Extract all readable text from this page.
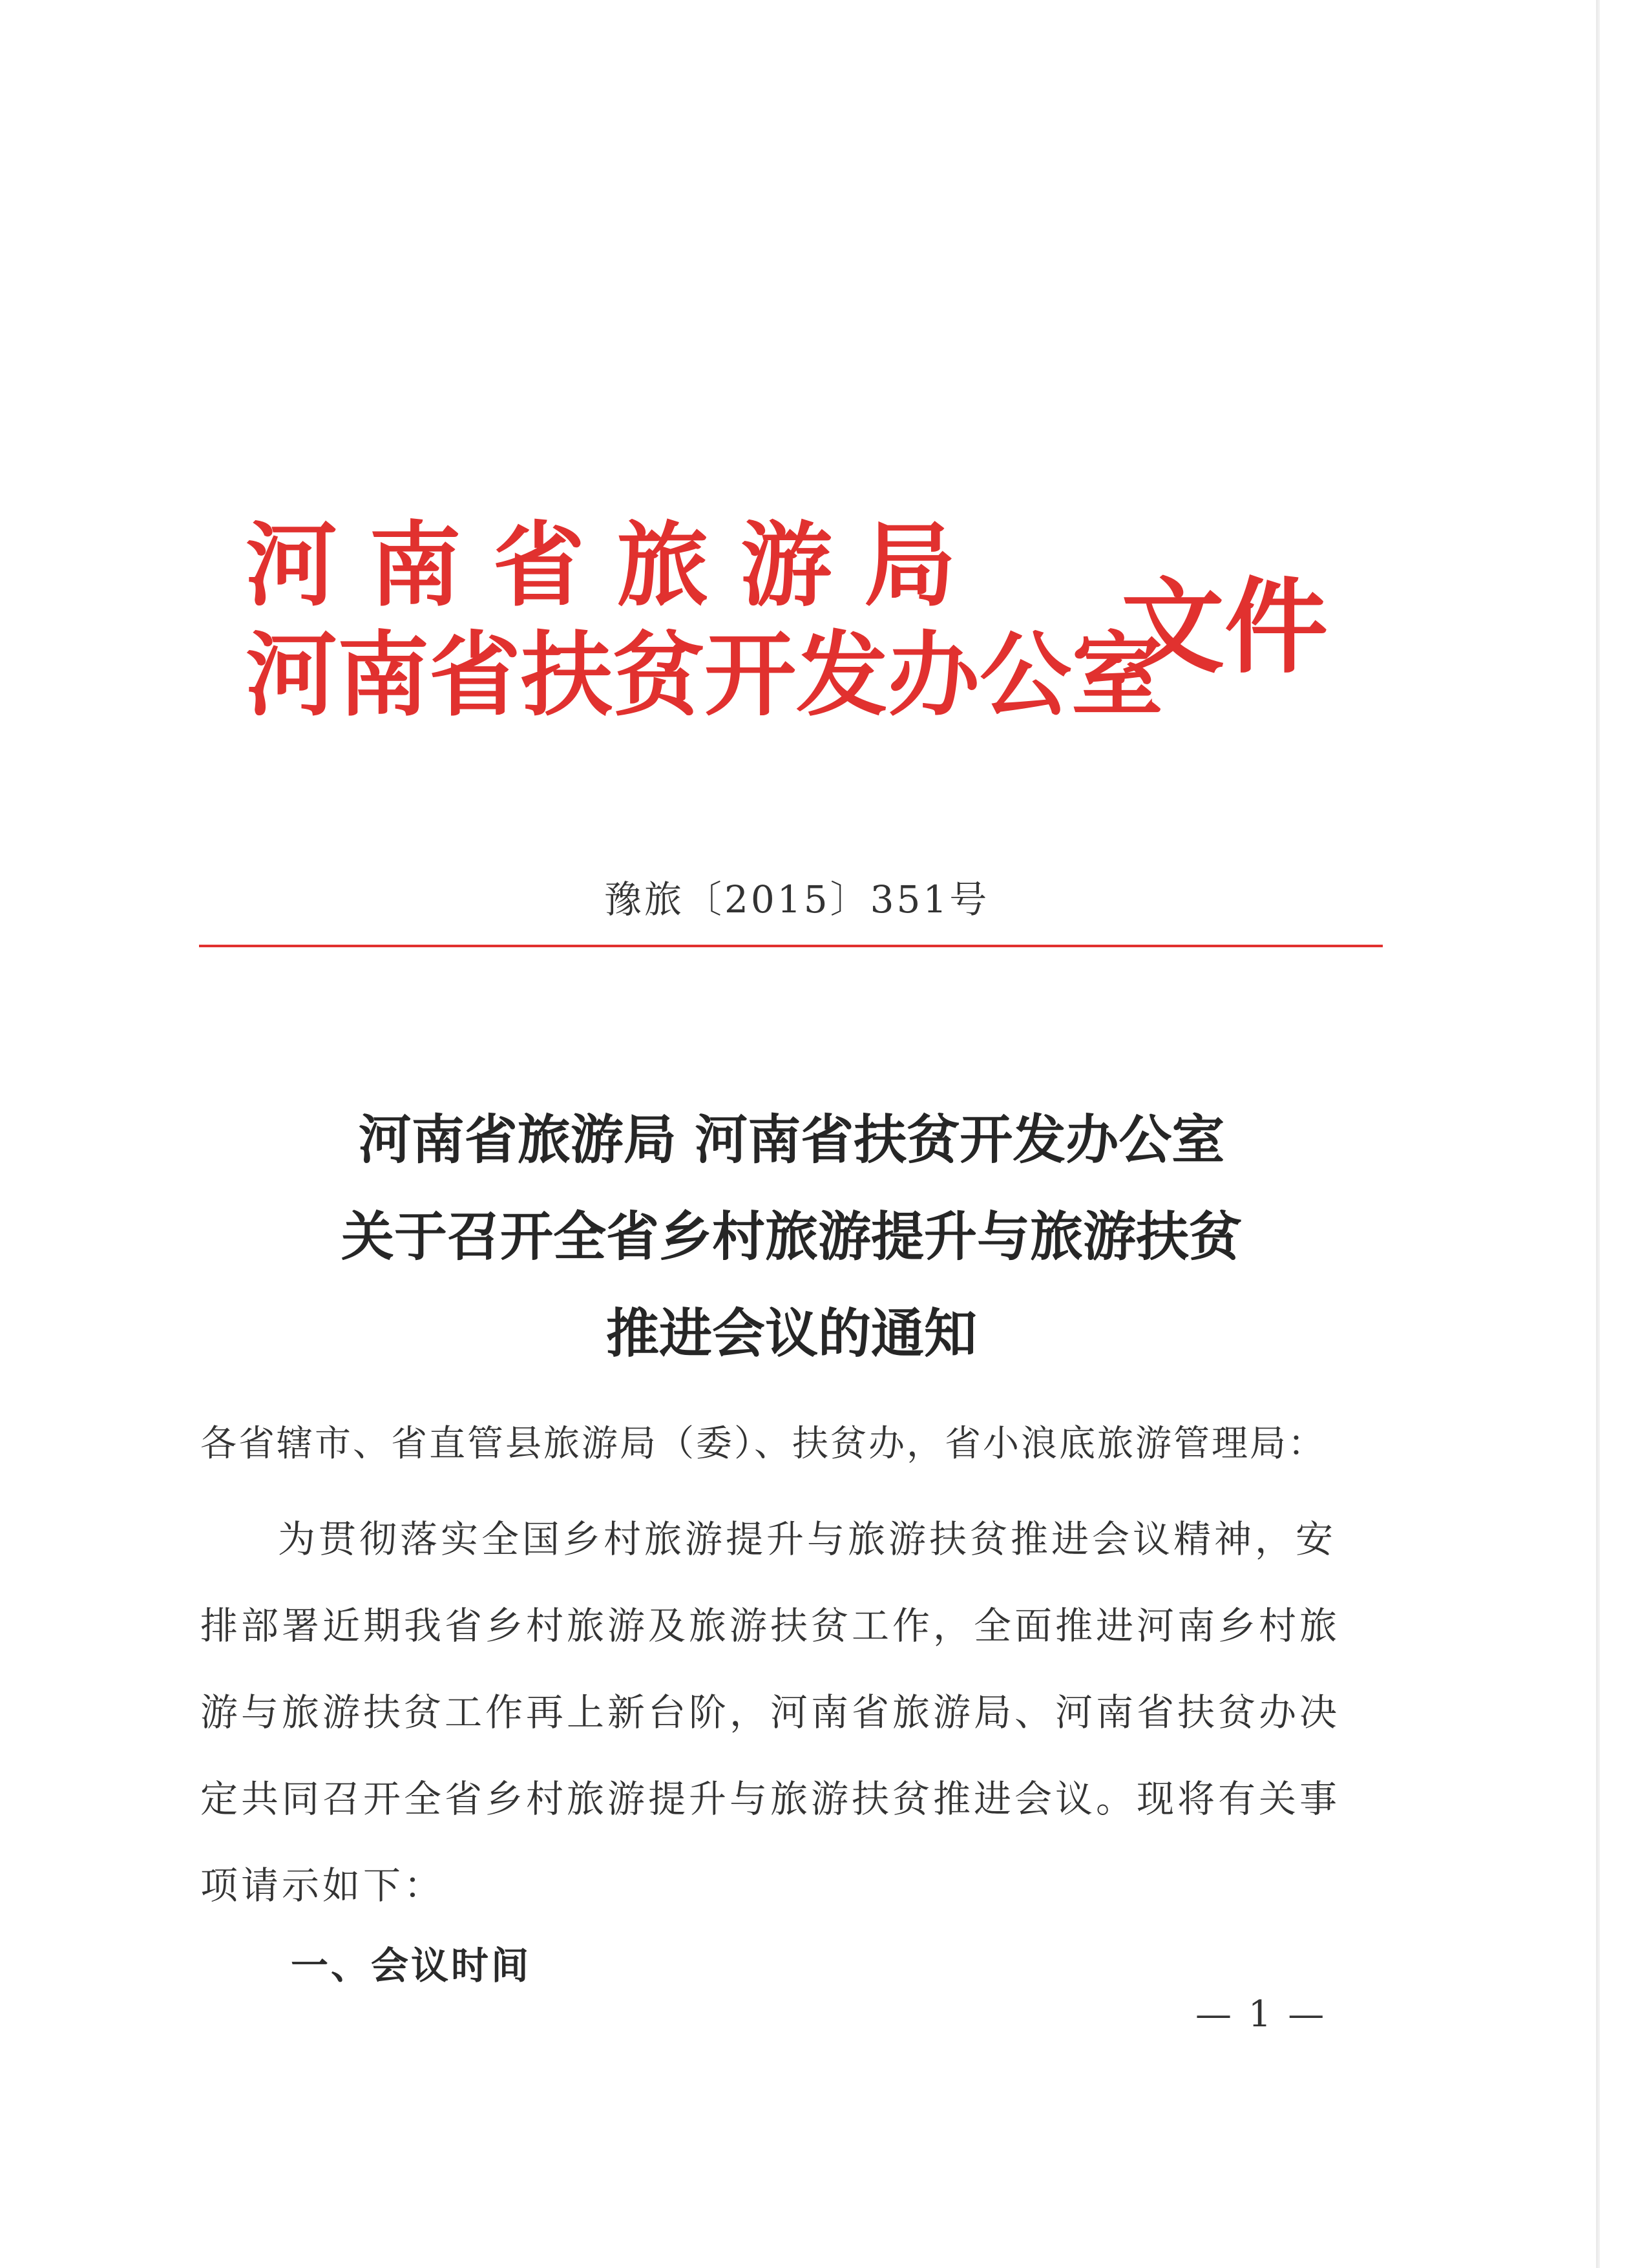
河 南 省 旅 游 局
河南省扶贫开发办公室
文件
豫旅〔2015〕351号
河南省旅游局 河南省扶贫开发办公室
关于召开全省乡村旅游提升与旅游扶贫
推进会议的通知
各省辖市、省直管县旅游局（委）、扶贫办，省小浪底旅游管理局：
为贯彻落实全国乡村旅游提升与旅游扶贫推进会议精神，安
排部署近期我省乡村旅游及旅游扶贫工作，全面推进河南乡村旅
游与旅游扶贫工作再上新台阶，河南省旅游局、河南省扶贫办决
定共同召开全省乡村旅游提升与旅游扶贫推进会议。现将有关事
项请示如下：
一、会议时间
— 1 —
